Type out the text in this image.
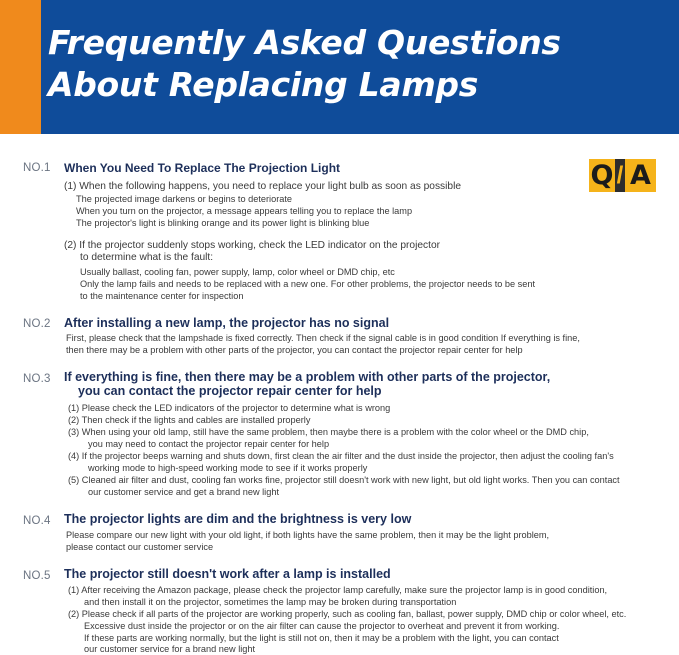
Frequently Asked Questions
About Replacing Lamps
Q / A
NO.1 When You Need To Replace The Projection Light
(1) When the following happens, you need to replace your light bulb as soon as possible
The projected image darkens or begins to deteriorate
When you turn on the projector, a message appears telling you to replace the lamp
The projector's light is blinking orange and its power light is blinking blue
(2) If the projector suddenly stops working, check the LED indicator on the projector
to determine what is the fault:
Usually ballast, cooling fan, power supply, lamp, color wheel or DMD chip, etc
Only the lamp fails and needs to be replaced with a new one. For other problems, the projector needs to be sent
to the maintenance center for inspection
NO.2 After installing a new lamp, the projector has no signal
First, please check that the lampshade is fixed correctly. Then check if the signal cable is in good condition If everything is fine,
then there may be a problem with other parts of the projector, you can contact the projector repair center for help
NO.3 If everything is fine, then there may be a problem with other parts of the projector,
you can contact the projector repair center for help
(1) Please check the LED indicators of the projector to determine what is wrong
(2) Then check if the lights and cables are installed properly
(3) When using your old lamp, still have the same problem, then maybe there is a problem with the color wheel or the DMD chip,
you may need to contact the projector repair center for help
(4) If the projector beeps warning and shuts down, first clean the air filter and the dust inside the projector, then adjust the cooling fan's
working mode to high-speed working mode to see if it works properly
(5) Cleaned air filter and dust, cooling fan works fine, projector still doesn't work with new light, but old light works. Then you can contact
our customer service and get a brand new light
NO.4 The projector lights are dim and the brightness is very low
Please compare our new light with your old light, if both lights have the same problem, then it may be the light problem,
please contact our customer service
NO.5 The projector still doesn't work after a lamp is installed
(1) After receiving the Amazon package, please check the projector lamp carefully, make sure the projector lamp is in good condition,
and then install it on the projector, sometimes the lamp may be broken during transportation
(2) Please check if all parts of the projector are working properly, such as cooling fan, ballast, power supply, DMD chip or color wheel, etc.
Excessive dust inside the projector or on the air filter can cause the projector to overheat and prevent it from working.
If these parts are working normally, but the light is still not on, then it may be a problem with the light, you can contact
our customer service for a brand new light
